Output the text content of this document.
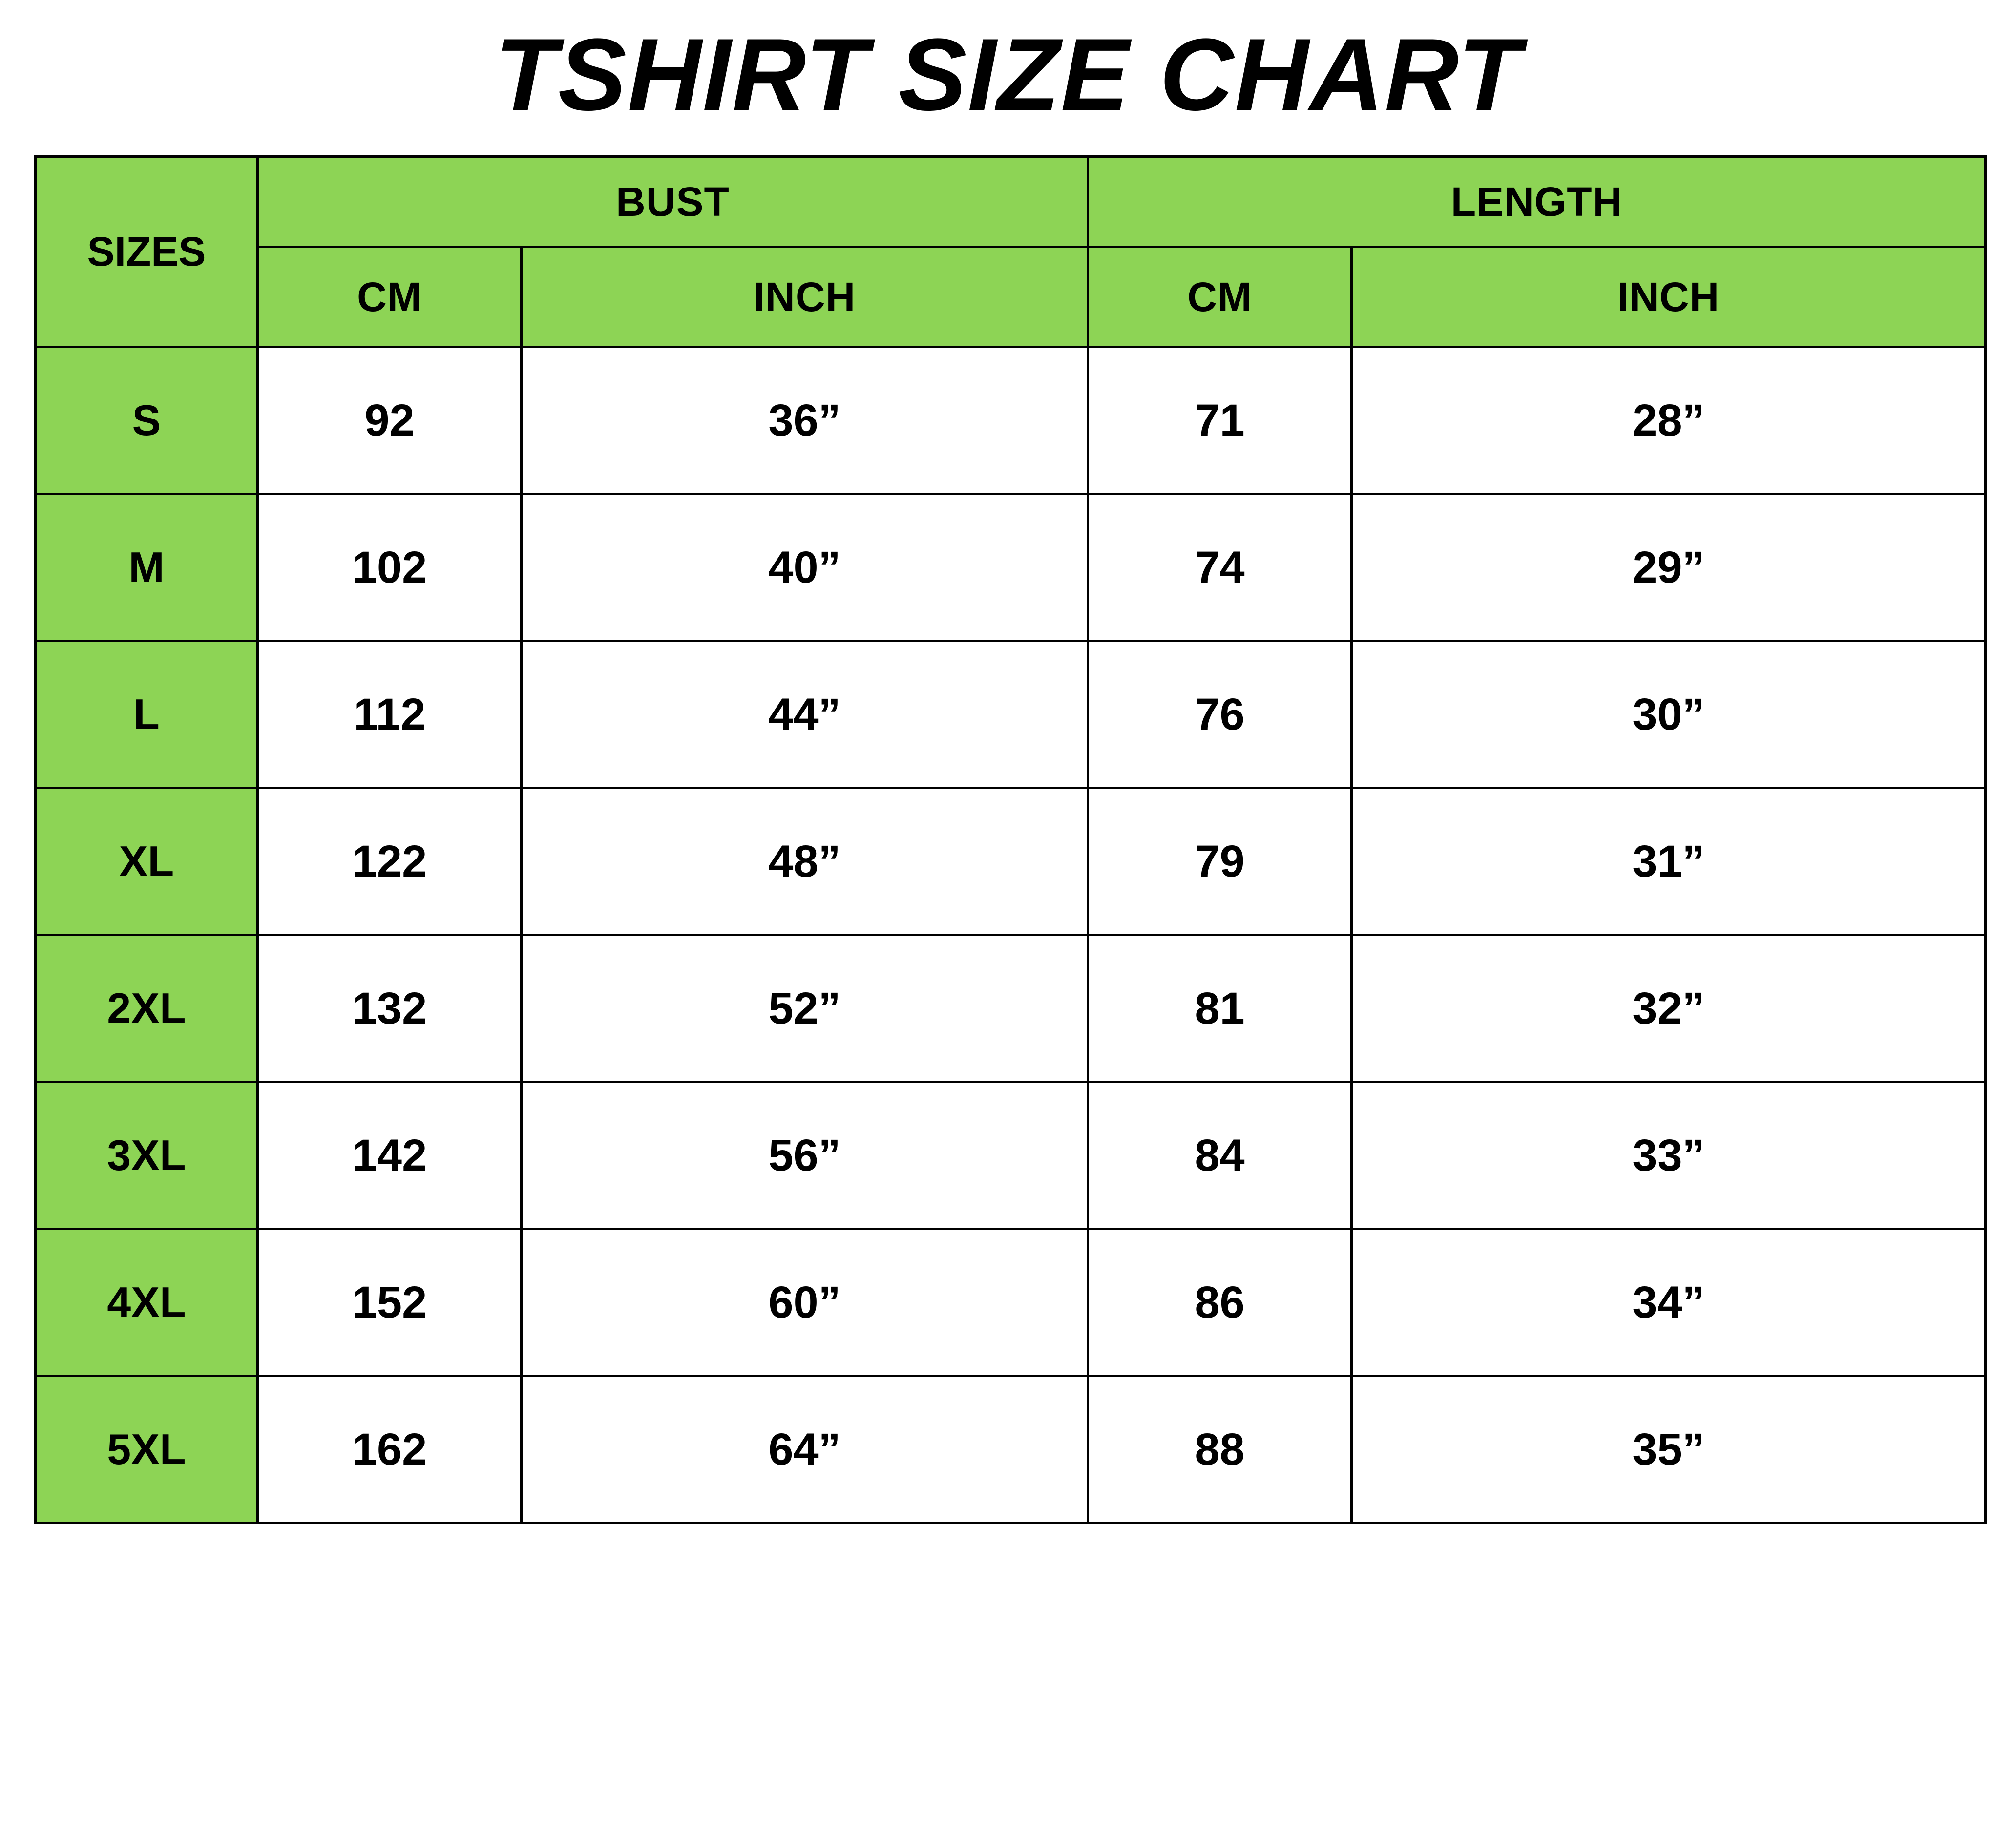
TSHIRT SIZE CHART
SIZES	BUST		LENGTH	
	CM	INCH	CM	INCH
S	92	36”	71	28”
M	102	40”	74	29”
L	112	44”	76	30”
XL	122	48”	79	31”
2XL	132	52”	81	32”
3XL	142	56”	84	33”
4XL	152	60”	86	34”
5XL	162	64”	88	35”
